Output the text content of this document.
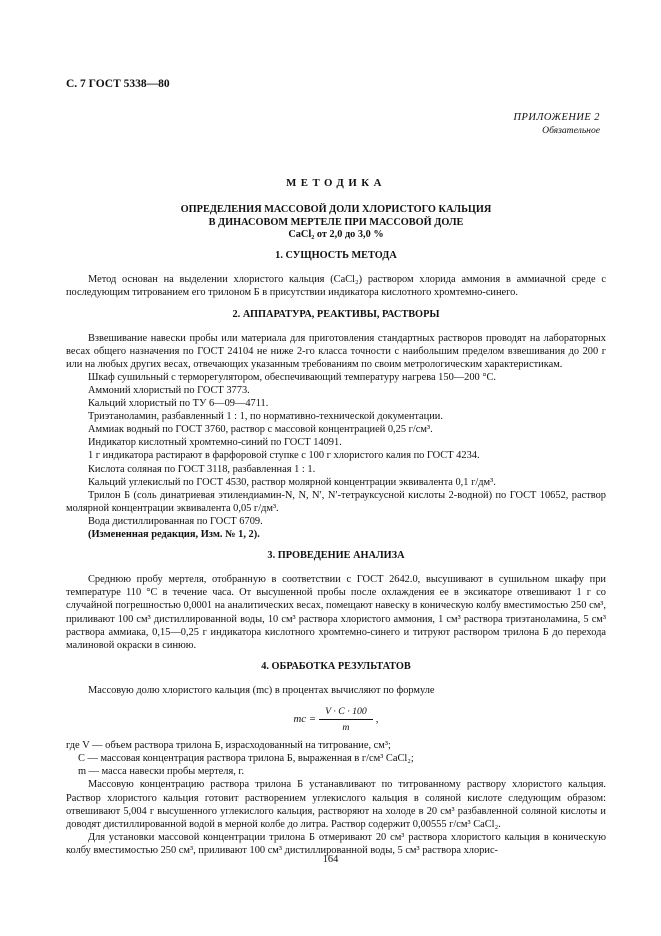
С. 7 ГОСТ 5338—80
ПРИЛОЖЕНИЕ 2
Обязательное
МЕТОДИКА
ОПРЕДЕЛЕНИЯ МАССОВОЙ ДОЛИ ХЛОРИСТОГО КАЛЬЦИЯ
В ДИНАСОВОМ МЕРТЕЛЕ ПРИ МАССОВОЙ ДОЛЕ
CaCl₂ от 2,0 до 3,0 %
1. СУЩНОСТЬ МЕТОДА

Метод основан на выделении хлористого кальция (CaCl₂) раствором хлорида аммония в аммиачной среде с последующим титрованием его трилоном Б в присутствии индикатора кислотного хромтемно-синего.

2. АППАРАТУРА, РЕАКТИВЫ, РАСТВОРЫ

Взвешивание навески пробы или материала для приготовления стандартных растворов проводят на лабораторных весах общего назначения по ГОСТ 24104 не ниже 2-го класса точности с наибольшим пределом взвешивания до 200 г или на любых других весах, отвечающих указанным требованиям по своим метрологическим характеристикам.

Шкаф сушильный с терморегулятором, обеспечивающий температуру нагрева 150—200 °С.
Аммоний хлористый по ГОСТ 3773.
Кальций хлористый по ТУ 6—09—4711.
Триэтаноламин, разбавленный 1 : 1, по нормативно-технической документации.
Аммиак водный по ГОСТ 3760, раствор с массовой концентрацией 0,25 г/см³.
Индикатор кислотный хромтемно-синий по ГОСТ 14091.
1 г индикатора растирают в фарфоровой ступке с 100 г хлористого калия по ГОСТ 4234.
Кислота соляная по ГОСТ 3118, разбавленная 1 : 1.
Кальций углекислый по ГОСТ 4530, раствор молярной концентрации эквивалента 0,1 г/дм³.

Трилон Б (соль динатриевая этилендиамин-N, N, N′, N′-тетрауксусной кислоты 2-водной) по ГОСТ 10652, раствор молярной концентрации эквивалента 0,05 г/дм³.

Вода дистиллированная по ГОСТ 6709.
(Измененная редакция, Изм. № 1, 2).
3. ПРОВЕДЕНИЕ АНАЛИЗА

Среднюю пробу мертеля, отобранную в соответствии с ГОСТ 2642.0, высушивают в сушильном шкафу при температуре 110 °С в течение часа. От высушенной пробы после охлаждения ее в эксикаторе отвешивают 1 г со случайной погрешностью 0,0001 на аналитических весах, помещают навеску в коническую колбу вместимостью 250 см³, приливают 100 см³ дистиллированной воды, 10 см³ раствора хлористого аммония, 1 см³ раствора триэтаноламина, 5 см³ раствора аммиака, 0,15—0,25 г индикатора кислотного хромтемно-синего и титруют раствором трилона Б до перехода малиновой окраски в синюю.

4. ОБРАБОТКА РЕЗУЛЬТАТОВ

Массовую долю хлористого кальция (mc) в процентах вычисляют по формуле

mc = $\frac{V \cdot C \cdot 100}{m}$ ,
где V — объем раствора трилона Б, израсходованный на титрование, см³;
C — массовая концентрация раствора трилона Б, выраженная в г/см³ CaCl₂;
m — масса навески пробы мертеля, г.

Массовую концентрацию раствора трилона Б устанавливают по титрованному раствору хлористого кальция. Раствор хлористого кальция готовит растворением углекислого кальция в соляной кислоте следующим образом: отвешивают 5,004 г высушенного углекислого кальция, растворяют на холоде в 20 см³ разбавленной соляной кислоты и доводят дистиллированной водой в мерной колбе до литра. Раствор содержит 0,00555 г/см³ CaCl₂.

Для установки массовой концентрации трилона Б отмеривают 20 см³ раствора хлористого кальция в коническую колбу вместимостью 250 см³, приливают 100 см³ дистиллированной воды, 5 см³ раствора хлорис-

164
